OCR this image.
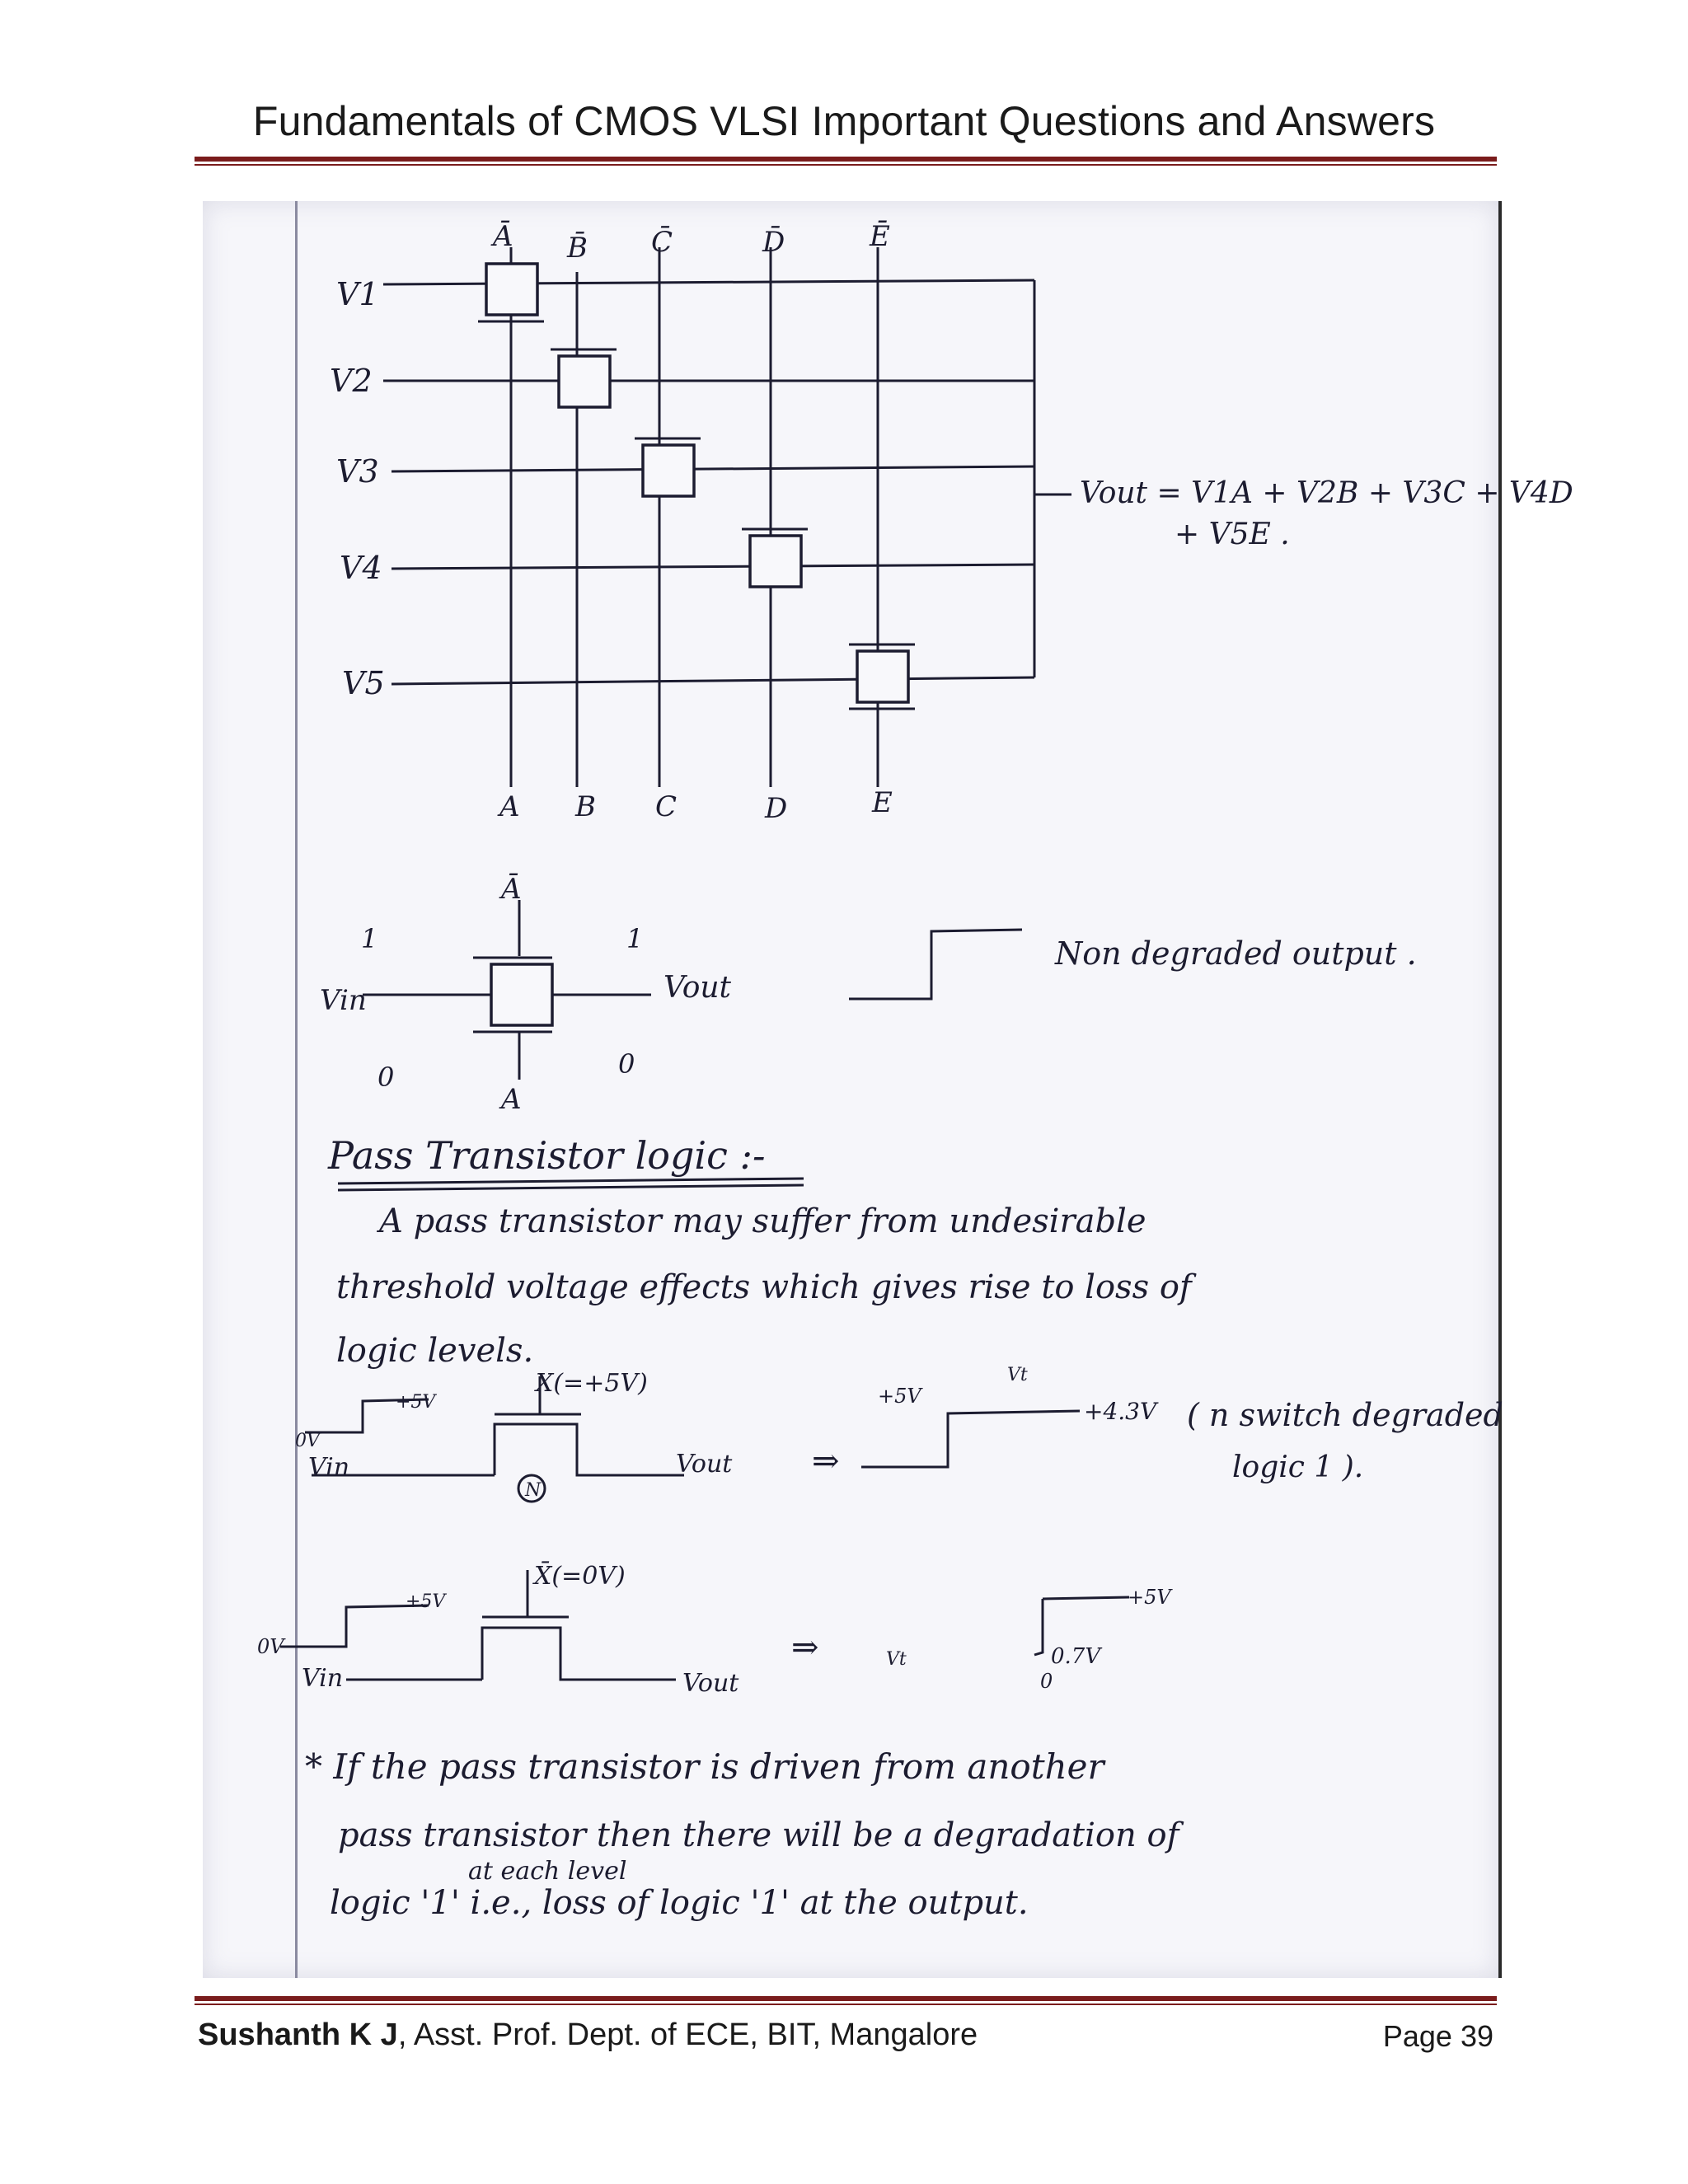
Fundamentals of CMOS VLSI Important Questions and Answers
Ā B̄ C̄	D̄	Ē
V1
V2
V3
V4
V5
A B C	D	E
Vout = V1A + V2B + V3C + V4D
+ V5E .
Ā
A
1
0
1
0
Vin	Vout
Non degraded output .
Pass Transistor logic :-
A pass transistor may suffer from undesirable
threshold voltage effects which gives rise to loss of
logic levels.
X(=+5V)
+5V
0V
Vin	Vout
N
⇒
+5V
Vt
+4.3V ( n switch degraded
logic 1 ).
X̄(=0V)
+5V
0V
Vin	Vout
⇒
+5V
Vt	0.7V
0
* If the pass transistor is driven from another
pass transistor then there will be a degradation of
at each level
logic '1' i.e., loss of logic '1' at the output.
Sushanth K J, Asst. Prof. Dept. of ECE, BIT, Mangalore	Page 39
